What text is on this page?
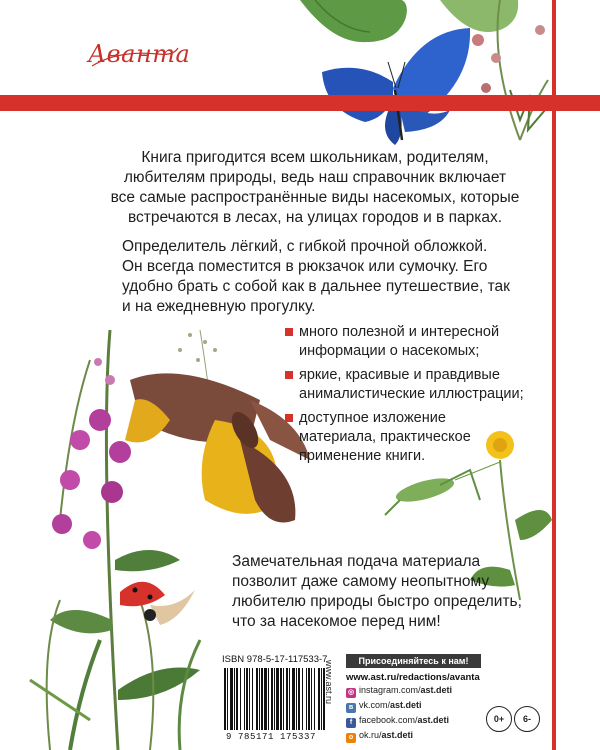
Аванта
Книга пригодится всем школьникам, родителям, любителям природы, ведь наш справочник включает все самые распространённые виды насекомых, которые встречаются в лесах, на улицах городов и в парках.
Определитель лёгкий, с гибкой прочной обложкой. Он всегда поместится в рюкзачок или сумочку. Его удобно брать с собой как в дальнее путешествие, так и на ежедневную прогулку.
много полезной и интересной информации о насекомых;
яркие, красивые и правдивые анималистические иллюстрации;
доступное изложение материала, практическое применение книги.
Замечательная подача материала позволит даже самому неопытному любителю природы быстро определить, что за насекомое перед ним!
ISBN 978-5-17-117533-7
9 785171 175337
www.ast.ru	Присоединяйтесь к нам!
www.ast.ru/redactions/avanta
◎ instagram.com/ast.deti
в vk.com/ast.deti
f facebook.com/ast.deti
о ok.ru/ast.deti
0+	6-
